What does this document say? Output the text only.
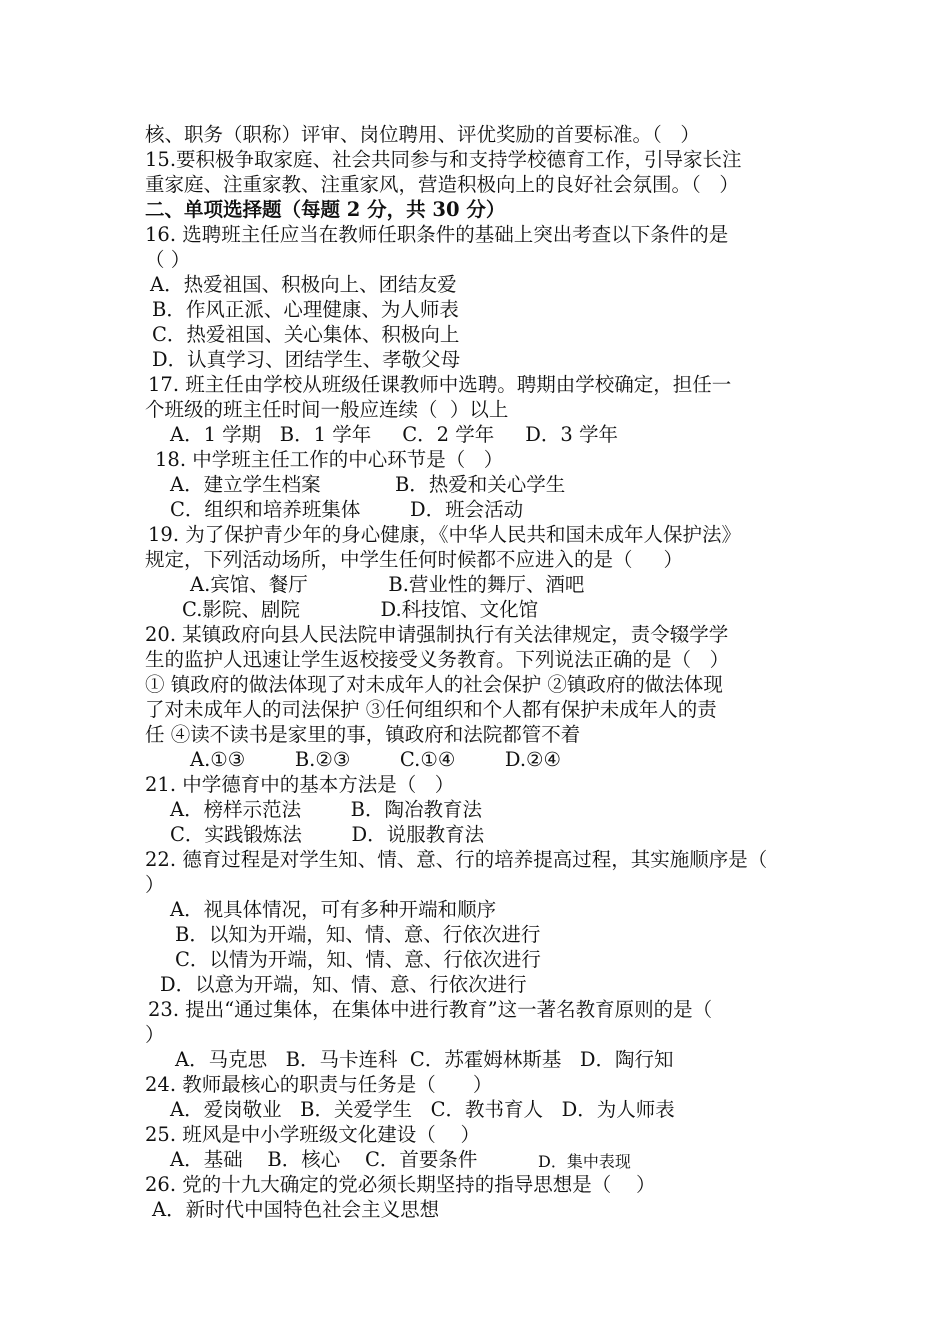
核、职务（职称）评审、岗位聘用、评优奖励的首要标准。（   ）
15.要积极争取家庭、社会共同参与和支持学校德育工作，引导家长注
重家庭、注重家教、注重家风，营造积极向上的良好社会氛围。（   ）
二、单项选择题（每题 2 分，共 30 分）
16. 选聘班主任应当在教师任职条件的基础上突出考查以下条件的是
（ ）
A．热爱祖国、积极向上、团结友爱
B．作风正派、心理健康、为人师表
C．热爱祖国、关心集体、积极向上
D．认真学习、团结学生、孝敬父母
17. 班主任由学校从班级任课教师中选聘。聘期由学校确定，担任一
个班级的班主任时间一般应连续（  ）以上
A．1 学期   B．1 学年     C．2 学年     D．3 学年
18. 中学班主任工作的中心环节是（   ）
A．建立学生档案            B．热爱和关心学生
C．组织和培养班集体        D．班会活动
19. 为了保护青少年的身心健康，《中华人民共和国未成年人保护法》
规定，下列活动场所，中学生任何时候都不应进入的是（     ）
A.宾馆、餐厅             B.营业性的舞厅、酒吧
C.影院、剧院             D.科技馆、文化馆
20. 某镇政府向县人民法院申请强制执行有关法律规定，责令辍学学
生的监护人迅速让学生返校接受义务教育。下列说法正确的是（   ）
① 镇政府的做法体现了对未成年人的社会保护 ②镇政府的做法体现
了对未成年人的司法保护 ③任何组织和个人都有保护未成年人的责
任 ④读不读书是家里的事，镇政府和法院都管不着
A.①③        B.②③        C.①④        D.②④
21. 中学德育中的基本方法是（   ）
A．榜样示范法        B．陶冶教育法
C．实践锻炼法        D．说服教育法
22. 德育过程是对学生知、情、意、行的培养提高过程，其实施顺序是（
）
A．视具体情况，可有多种开端和顺序
B．以知为开端，知、情、意、行依次进行
C．以情为开端，知、情、意、行依次进行
D．以意为开端，知、情、意、行依次进行
23. 提出“通过集体，在集体中进行教育”这一著名教育原则的是（
）
A．马克思   B．马卡连科  C．苏霍姆林斯基   D．陶行知
24. 教师最核心的职责与任务是（      ）
A．爱岗敬业   B．关爱学生   C．教书育人   D．为人师表
25. 班风是中小学班级文化建设（    ）
A．基础    B．核心    C．首要条件	D．集中表现
26. 党的十九大确定的党必须长期坚持的指导思想是（    ）
A．新时代中国特色社会主义思想
